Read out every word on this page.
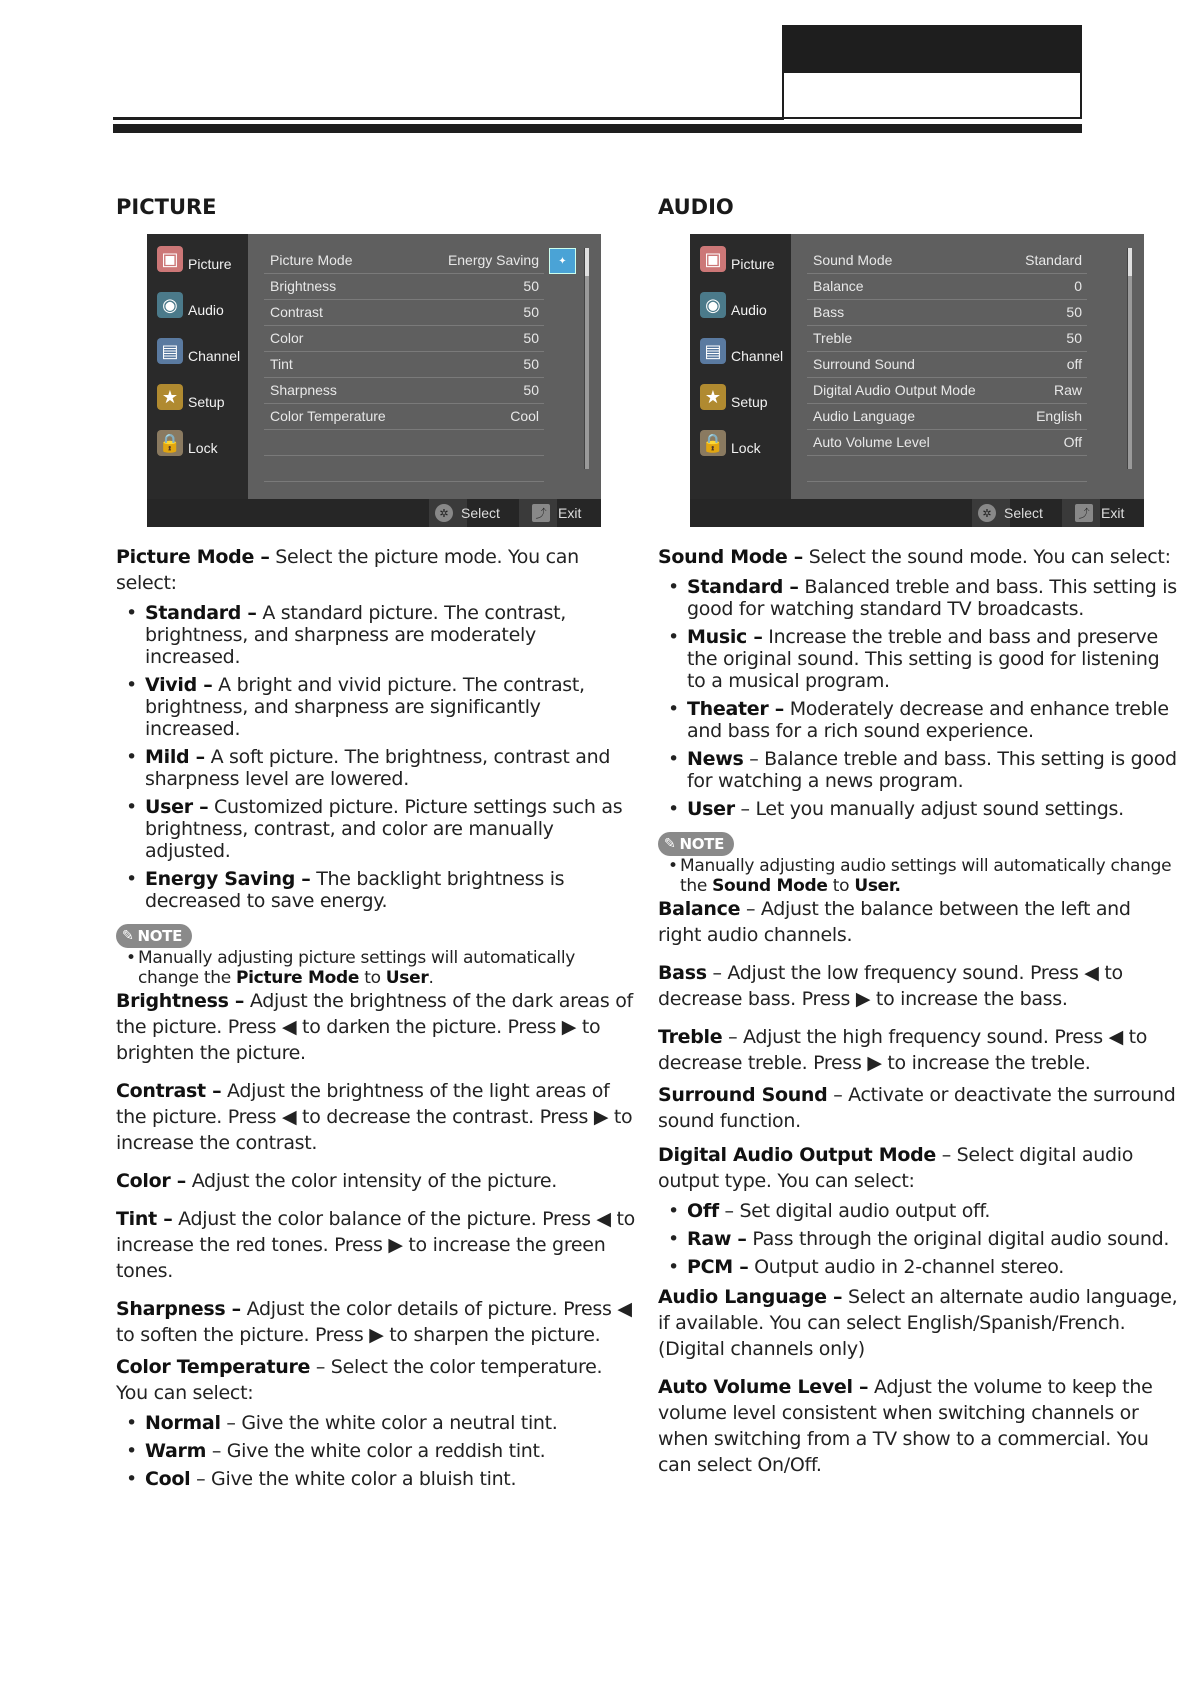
PICTURE
▣ Picture
◉ Audio
▤ Channel
★ Setup
🔒 Lock
Picture Mode	Energy Saving
Brightness	50
Contrast	50
Color	50
Tint	50
Sharpness	50
Color Temperature	Cool
✦
✲ Select	⤴ Exit

Picture Mode – Select the picture mode. You can select:

• Standard – A standard picture. The contrast, brightness, and sharpness are moderately increased.
• Vivid – A bright and vivid picture. The contrast, brightness, and sharpness are significantly increased.
• Mild – A soft picture. The brightness, contrast and sharpness level are lowered.
• User – Customized picture. Picture settings such as brightness, contrast, and color are manually adjusted.
• Energy Saving – The backlight brightness is decreased to save energy.
✎ NOTE

• Manually adjusting picture settings will automatically change the Picture Mode to User.

Brightness – Adjust the brightness of the dark areas of the picture. Press ◀ to darken the picture. Press ▶ to brighten the picture.

Contrast – Adjust the brightness of the light areas of the picture. Press ◀ to decrease the contrast. Press ▶ to increase the contrast.

Color – Adjust the color intensity of the picture.

Tint – Adjust the color balance of the picture. Press ◀ to increase the red tones. Press ▶ to increase the green tones.

Sharpness – Adjust the color details of picture. Press ◀ to soften the picture. Press ▶ to sharpen the picture.

Color Temperature – Select the color temperature. You can select:

• Normal – Give the white color a neutral tint.
• Warm – Give the white color a reddish tint.
• Cool – Give the white color a bluish tint.
AUDIO
▣ Picture
◉ Audio
▤ Channel
★ Setup
🔒 Lock
Sound Mode	Standard
Balance	0
Bass	50
Treble	50
Surround Sound	off
Digital Audio Output Mode	Raw
Audio Language	English
Auto Volume Level	Off
✲ Select	⤴ Exit

Sound Mode – Select the sound mode. You can select:

• Standard – Balanced treble and bass. This setting is good for watching standard TV broadcasts.
• Music – Increase the treble and bass and preserve the original sound. This setting is good for listening to a musical program.
• Theater – Moderately decrease and enhance treble and bass for a rich sound experience.
• News – Balance treble and bass. This setting is good for watching a news program.
• User – Let you manually adjust sound settings.
✎ NOTE

• Manually adjusting audio settings will automatically change the Sound Mode to User.

Balance – Adjust the balance between the left and right audio channels.

Bass – Adjust the low frequency sound. Press ◀ to decrease bass. Press ▶ to increase the bass.

Treble – Adjust the high frequency sound. Press ◀ to decrease treble. Press ▶ to increase the treble.

Surround Sound – Activate or deactivate the surround sound function.

Digital Audio Output Mode – Select digital audio output type. You can select:

• Off – Set digital audio output off.
• Raw – Pass through the original digital audio sound.
• PCM – Output audio in 2-channel stereo.

Audio Language – Select an alternate audio language, if available. You can select English/Spanish/French. (Digital channels only)

Auto Volume Level – Adjust the volume to keep the volume level consistent when switching channels or when switching from a TV show to a commercial. You can select On/Off.
